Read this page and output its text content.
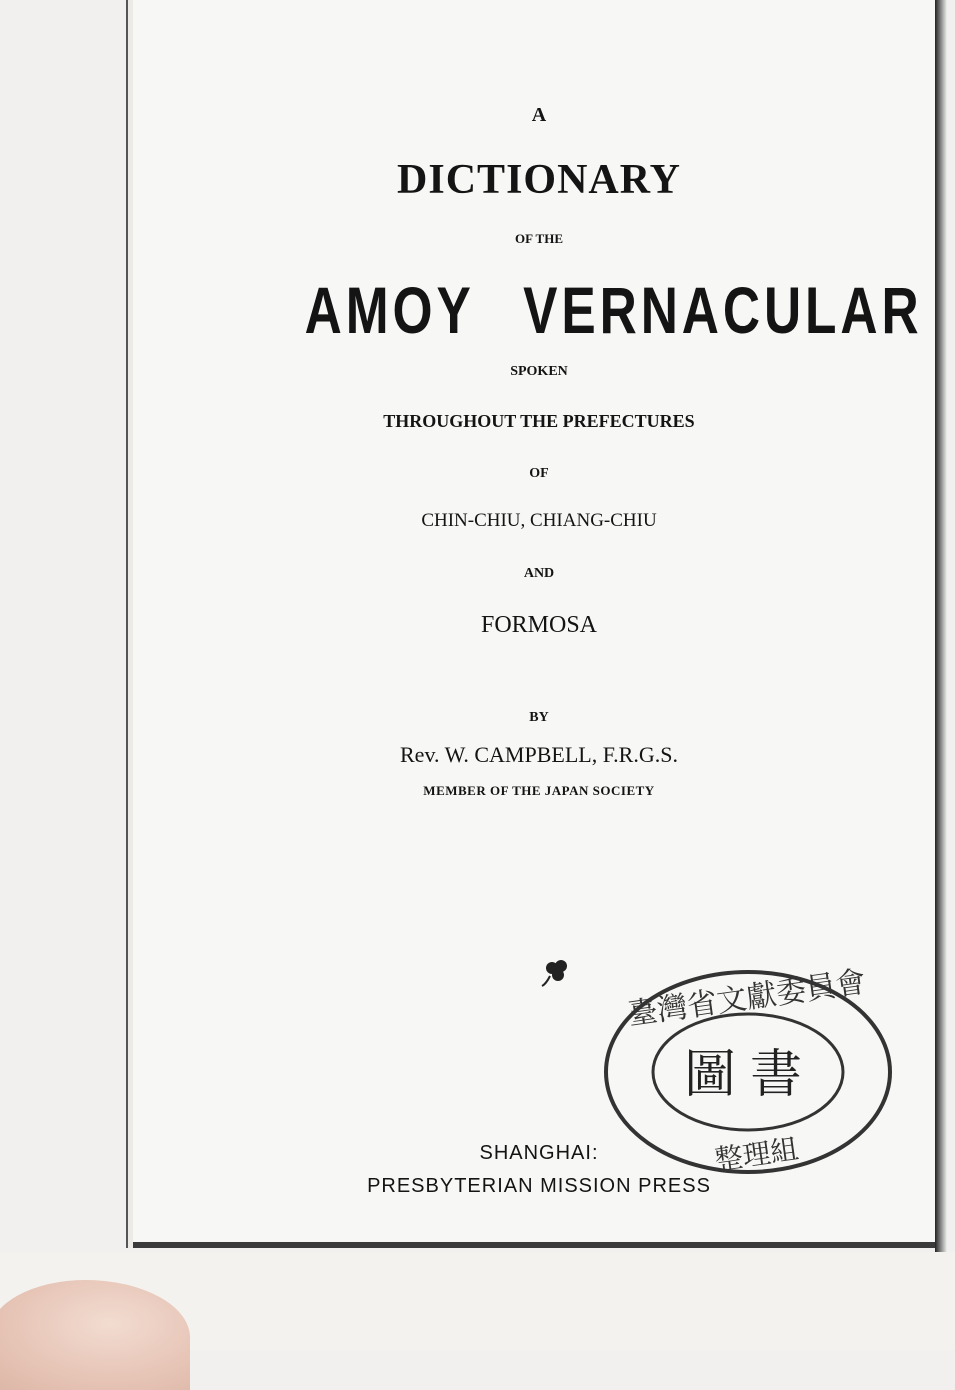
A
DICTIONARY
OF THE
AMOY VERNACULAR
SPOKEN
THROUGHOUT THE PREFECTURES
OF
CHIN-CHIU, CHIANG-CHIU
AND
FORMOSA
BY
Rev. W. CAMPBELL, F.R.G.S.
MEMBER OF THE JAPAN SOCIETY
臺灣省文獻委員會
圖書
整理組
SHANGHAI:
PRESBYTERIAN MISSION PRESS
